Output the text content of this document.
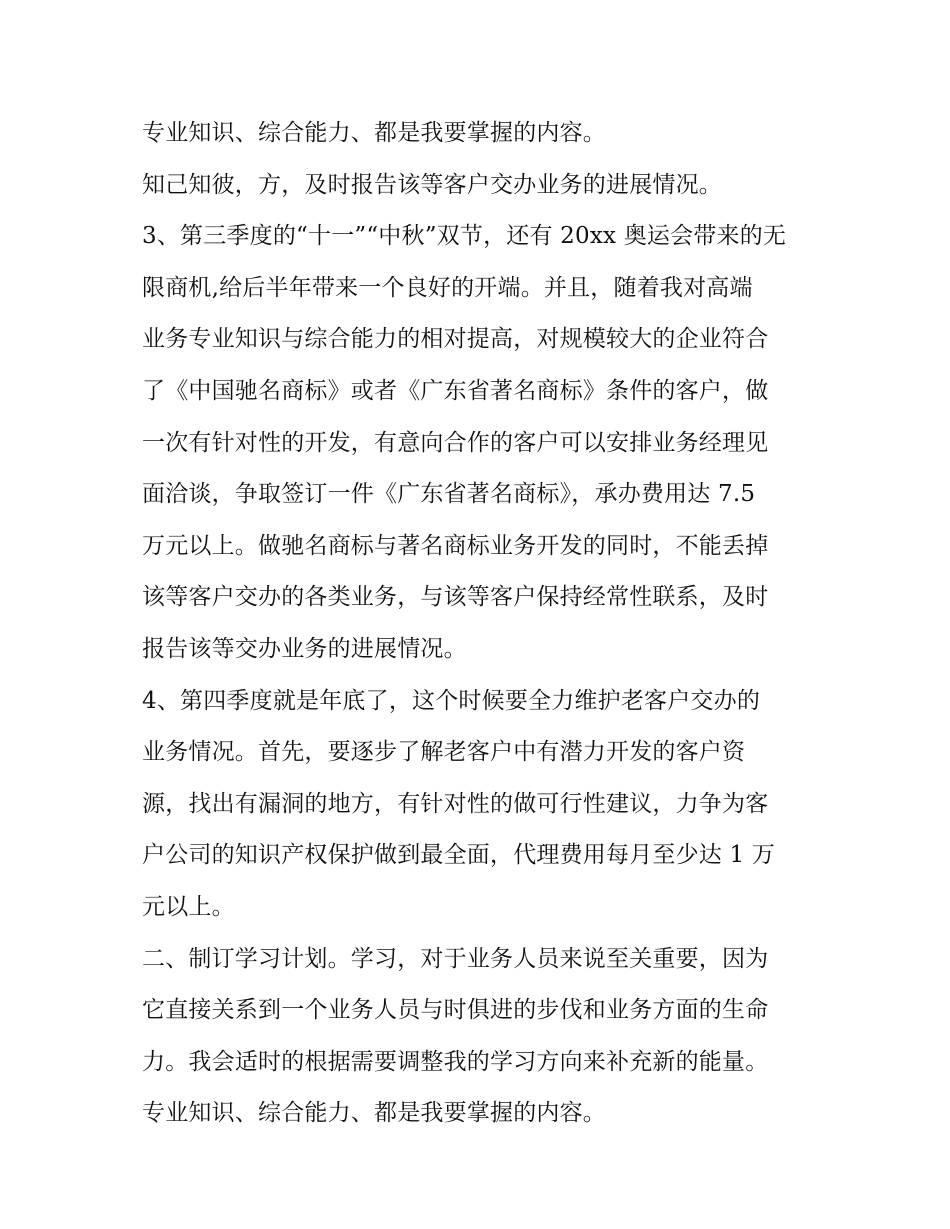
专业知识、综合能力、都是我要掌握的内容。

知己知彼，方，及时报告该等客户交办业务的进展情况。

3、第三季度的“十一”“中秋”双节，还有 20xx 奥运会带来的无
限商机,给后半年带来一个良好的开端。并且，随着我对高端
业务专业知识与综合能力的相对提高，对规模较大的企业符合
了《中国驰名商标》或者《广东省著名商标》条件的客户，做
一次有针对性的开发，有意向合作的客户可以安排业务经理见
面洽谈，争取签订一件《广东省著名商标》，承办费用达 7.5
万元以上。做驰名商标与著名商标业务开发的同时，不能丢掉
该等客户交办的各类业务，与该等客户保持经常性联系，及时
报告该等交办业务的进展情况。

4、第四季度就是年底了，这个时候要全力维护老客户交办的
业务情况。首先，要逐步了解老客户中有潜力开发的客户资
源，找出有漏洞的地方，有针对性的做可行性建议，力争为客
户公司的知识产权保护做到最全面，代理费用每月至少达 1 万
元以上。

二、制订学习计划。学习，对于业务人员来说至关重要，因为
它直接关系到一个业务人员与时俱进的步伐和业务方面的生命
力。我会适时的根据需要调整我的学习方向来补充新的能量。

专业知识、综合能力、都是我要掌握的内容。
